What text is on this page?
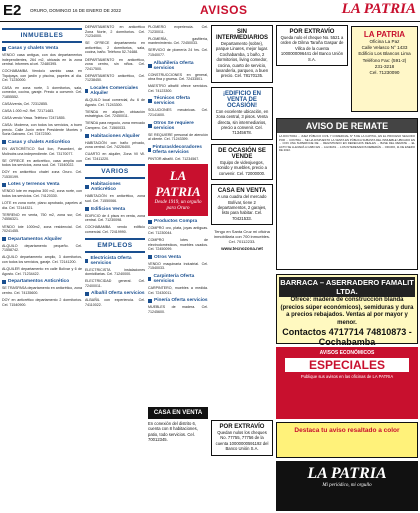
E2 ORURO, DOMINGO 16 DE ENERO DE 2022	AVISOS	LA PATRIA
INMUEBLES
Casas y chalets Venta
VENDO casa antigua, con dos departamentos independientes, 264 m2, ubicada en la zona central. Informes al cel. 72480395.
COCHABAMBA Vendo/o cambio casa en Tiquipaya, con jardín y piscina, papeles al día. Cel. 71230000.
CASA en zona norte, 3 dormitorios, sala, comedor, cocina, garaje. Precio a convenir. Cel. 71855552.
CASA/venta, Cel. 72312855.
CASA 1.000 m2. Ref. 72171483.
CASA vendo Yawa. Teléfono 72471855.
CASA: Moderna, con todos los servicios, a buen precio. Calle Junín entre Presidente Montes y Soria Galvarro. Cel. 72472390.
Casas y chalets Anticrético
EN ANTICRÉTICO Sud Ilon, Pasankeri, de Molinobs una independiente. Cel. 73170077.
SE OFRECE en anticrético, casa amplia con todos los servicios, zona sud. Cel. 71540022.
DOY en anticrético chalet zona Oruro. Cel. 71530199.
Lotes y terrenos Venta
VENDO lote en esquina 300 m2, zona norte, con todos los servicios. Cel. 74120330.
LOTE en zona norte, plano aprobado, papeles al día. Cel. 72144321.
TERRENO en venta, 750 m2, zona sur, Cel. 74556321.
VENDO lote 1000m2, zona residencial. Cel. 70241455.
Departamentos Alquiler
ALQUILO departamento pequeño. Cel. 71558742.
ALQUILO departamento amplio, 3 dormitorios, con todos los servicios, garaje. Cel. 72141200.
ALQUILER departamento en calle Bolívar y 6 de Agosto. Cel. 71234422.
Departamentos Anticrético
SE TRASPASA departamento en anticrético, zona centro. Cel. 74135600.
DOY en anticrético departamento 2 dormitorios. Cel. 71540900.
DEPARTAMENTO en anticrético Zona Norte, 2 dormitorios. Cel. 71234000.
SE OFRECE departamento en anticrético, 2 dormitorios, sala, cocina, baño. Teléfono 52-74488.
DEPARTAMENTO en anticrético, zona centro, sin niños. Cel. 72417500.
DEPARTAMENTO anticrético, Cel. 71238450.
Locales Comerciales Alquiler
ALQUILO local comercial, Av. 6 de Agosto. Cel. 71243300.
TIENDA en alquiler, ubicación estratégica. Cel. 72450011.
TIENDA para negocio, zona mercado Campero. Cel. 71560033.
Habitaciones Alquiler
HABITACIÓN con baño privado, zona central. Cel. 74226400.
CUARTO en alquiler, Zona Vil Vil. Cel. 72411220.
VARIOS
Habitaciones Anticrético
HABITACIÓN en anticrético, zona sud. Cel. 71550066.
Edificios Venta
EDIFICIO de 4 pisos en venta, zona central. Cel. 71230098.
COCHABAMBA vendo edificio comercial. Cel. 72419990.
EMPLEOS
Electricista Oferta servicios
ELECTRICISTA instalaciones domiciliarias. Cel. 71240000.
ELECTRICIDAD general. Cel. 72400011.
Albañil Oferta servicios
ALBAÑIL con experiencia. Cel. 74110022.
PLOMERO experiencia. Cel. 71230011.
PLOMERÍA, gasfitería, mantenimiento. Cel. 72450033.
SERVICIO de plomería 24 hrs. Cel. 71540077.
Albañilería Oferta servicios
CONSTRUCCIONES en general, obra fina y gruesa. Cel. 72433501.
MAESTRO albañil ofrece servicios. Cel. 74123300.
Técnicos Oferta servicios
SOLUCIONES mecánicas. Cel. 72141600.
Otros Se requiere servicios
SE REQUIERE personal de atención al cliente. Cel. 71243399.
Pinturas/decoradores Oferta servicios
PINTOR albañil. Cel. 71234567.
LA PATRIA
Desde 1919, un orgullo para Oruro
Productos Compra
COMPRO oro, plata, joyas antiguas. Cel. 71230044.
COMPRO lotes de electrodomésticos, muebles usados. Cel. 72450099.
Otros Venta
VENDO maquinaria industrial. Cel. 71540033.
Carpintería Oferta servicios
CARPINTERO, muebles a medida. Cel. 72430011.
Pinería Oferta servicios
MUEBLES de madera. Cel. 71245600.
SIN INTERMEDIARIOS
Departamento (sobre), parque Linares, mejor lugar. Cochabamba, 1 baño, 2 dormitorios, living comedor, cocina, cuarto de servicio, lavandería, parqueo, a buen precio. Cel. 78170135.
¡EDIFICIO EN VENTA DE OCASIÓN!
Con excelente ubicación, en zona central, 3 pisos. Venta directa, sin intermediarios, precio a convenir. Cel. 71345678.
DE OCASIÓN SE VENDE
Equipo de videojuegos, sonido y muebles, precio a convenir. Cel. 72000000.
CASA EN VENTA
A una cuadra del mercado Bolívar, tiene 2 departamentos, 2 garajes, listo para habitar. Cel. 70421533.
Tengo en Santa Cruz mi oficina inmobiliaria con 700 inmuebles. Cel. 70112233.
www.tecnozona.net
POR EXTRAVÍO
Queda nulo el cheque No. 5521 a orden de Dilma Taraña Gaspar de Villca de la cuenta 1000000096441 del Banco Unión S.A.
LA PATRIA
Oficina La Paz
Calle Velasco N° 1433
Edificio Los Blancos Lima
Teléfono Fax: (591-2)
231-3218
Cel. 71230090
AVISO DE REMATE
LA DOCTORA ... JUEZ PÚBLICO CIVIL Y COMERCIAL N° 5 DE LA CAPITAL, EN EL PROCESO SEGUIDO POR ... CONTRA ... SE HA DISPUESTO LA VENTA EN PÚBLICA SUBASTA DEL INMUEBLE UBICADO EN ... CON UNA SUPERFICIE DE ... REGISTRADO EN DERECHOS REALES ... BASE DEL REMATE ... EL ACTO SE LLEVARÁ A CABO EN ... A HORAS ... LOS INTERESADOS DEBERÁN ... ORURO, 11 DE ENERO DE 2022.
BARRACA – ASERRADERO FAMALIT LTDA.
Ofrece: madera de construcción blanda (precios súper económicos), semiduras y dura a precios rebajados. Ventas al por mayor y menor.
Contactos 4717714 74810873 - Cochabamba
AVISOS ECONÓMICOS
ESPECIALES
Publique sus avisos en las oficinas de LA PATRIA
Destaca tu aviso resaltado a color
LA PATRIA
Mi periódico, mi orgullo
POR EXTRAVÍO
Quedan nulos los cheques No. 77755, 77756 de la cuenta 10000000591192 del Banco Unión S.A.
CASA EN VENTA
En conexión del distrito 6, cuenta con 8 habitaciones, patio, todo servicios. Cel. 70012345.
